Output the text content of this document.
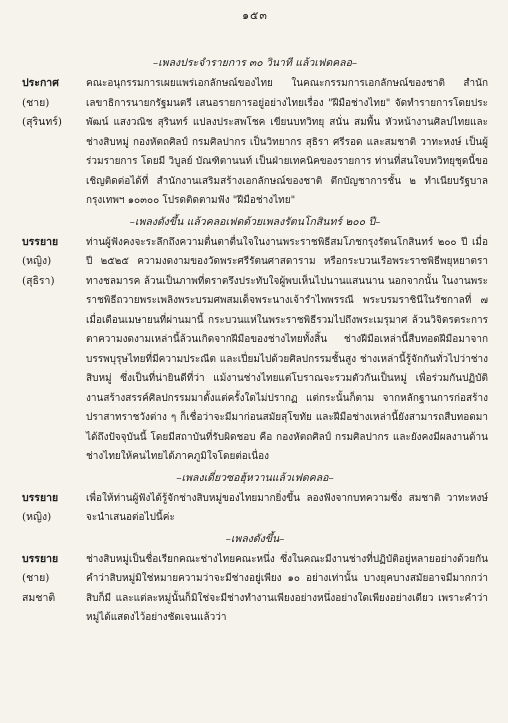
๑๕๓
–เพลงประจำรายการ ๓๐ วินาที แล้วเฟดคลอ–
ประกาศ
(ชาย)
(สุรินทร์)

คณะอนุกรรมการเผยแพร่เอกลักษณ์ของไทย ในคณะกรรมการเอกลักษณ์ของชาติ สำนักเลขาธิการนายกรัฐมนตรี เสนอรายการอยู่อย่างไทยเรื่อง "ฝีมือช่างไทย" จัดทำรายการโดยประพัฒน์ แสงวณิช สุรินทร์ แปลงประสพโชค เขียนบทวิทยุ สนั่น สมพื้น หัวหน้างานศิลปไทยและช่างสิบหมู่ กองหัตถศิลป์ กรมศิลปากร เป็นวิทยากร สุธิรา ศรีรอด และสมชาติ วาทะหงษ์ เป็นผู้ร่วมรายการ โดยมี วิบูลย์ บัณฑิตานนท์ เป็นฝ่ายเทคนิคของรายการ ท่านที่สนใจบทวิทยุชุดนี้ขอเชิญติดต่อได้ที่ สำนักงานเสริมสร้างเอกลักษณ์ของชาติ ตึกบัญชาการชั้น ๒ ทำเนียบรัฐบาล กรุงเทพฯ ๑๐๓๐๐ โปรดติดตามฟัง "ฝีมือช่างไทย"

–เพลงดังขึ้น แล้วคลอเฟดด้วยเพลงรัตนโกสินทร์ ๒๐๐ ปี–
บรรยาย
(หญิง)
(สุธิรา)

ท่านผู้ฟังคงจะระลึกถึงความตื่นตาตื่นใจในงานพระราชพิธีสมโภชกรุงรัตนโกสินทร์ ๒๐๐ ปี เมื่อปี ๒๕๒๕ ความงดงามของวัดพระศรีรัตนศาสดาราม หรือกระบวนเรือพระราชพิธีพยุหยาตราทางชลมารค ล้วนเป็นภาพที่ตราตรึงประทับใจผู้พบเห็นไปนานแสนนาน นอกจากนั้น ในงานพระราชพิธีถวายพระเพลิงพระบรมศพสมเด็จพระนางเจ้ารำไพพรรณี พระบรมราชินีในรัชกาลที่ ๗ เมื่อเดือนเมษายนที่ผ่านมานี้ กระบวนแห่ในพระราชพิธีรวมไปถึงพระเมรุมาศ ล้วนวิจิตรตระการตาความงดงามเหล่านี้ล้วนเกิดจากฝีมือของช่างไทยทั้งสิ้น ช่างฝีมือเหล่านี้สืบทอดฝีมือมาจากบรรพบุรุษไทยที่มีความประณีต และเปี่ยมไปด้วยศิลปกรรมชั้นสูง ช่างเหล่านี้รู้จักกันทั่วไปว่าช่างสิบหมู่ ซึ่งเป็นที่น่ายินดีที่ว่า แม้งานช่างไทยแต่โบราณจะรวมตัวกันเป็นหมู่ เพื่อร่วมกันปฏิบัติงานสร้างสรรค์ศิลปกรรมมาตั้งแต่ครั้งใดไม่ปรากฏ แต่กระนั้นก็ตาม จากหลักฐานการก่อสร้างปราสาทราชวังต่าง ๆ ก็เชื่อว่าจะมีมาก่อนสมัยสุโขทัย และฝีมือช่างเหล่านี้ยังสามารถสืบทอดมาได้ถึงปัจจุบันนี้ โดยมีสถาบันที่รับผิดชอบ คือ กองหัตถศิลป์ กรมศิลปากร และยังคงมีผลงานด้านช่างไทยให้คนไทยได้ภาคภูมิใจโดยต่อเนื่อง

–เพลงเดี่ยวซอฮุ้หวานแล้วเฟดคลอ–
บรรยาย
(หญิง)

เพื่อให้ท่านผู้ฟังได้รู้จักช่างสิบหมู่ของไทยมากยิ่งขึ้น ลองฟังจากบทความซึ่ง สมชาติ วาทะหงษ์ จะนำเสนอต่อไปนี้ค่ะ

–เพลงดังขึ้น–
บรรยาย
(ชาย)
สมชาติ

ช่างสิบหมู่เป็นชื่อเรียกคณะช่างไทยคณะหนึ่ง ซึ่งในคณะมีงานช่างที่ปฏิบัติอยู่หลายอย่างด้วยกัน คำว่าสิบหมู่มิใช่หมายความว่าจะมีช่างอยู่เพียง ๑๐ อย่างเท่านั้น บางยุคบางสมัยอาจมีมากกว่าสิบก็มี และแต่ละหมู่นั้นก็มิใช่จะมีช่างทำงานเพียงอย่างหนึ่งอย่างใดเพียงอย่างเดียว เพราะคำว่าหมู่ได้แสดงไว้อย่างชัดเจนแล้วว่า
